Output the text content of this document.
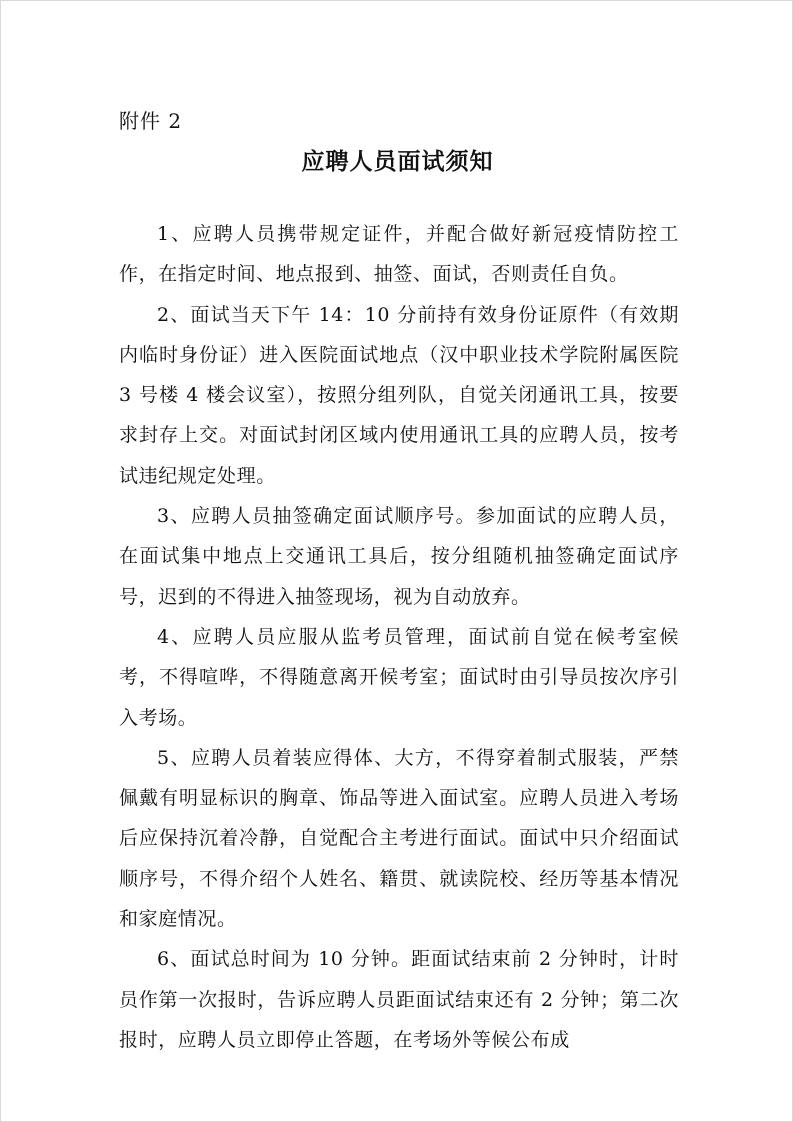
附件 2
应聘人员面试须知

1、应聘人员携带规定证件，并配合做好新冠疫情防控工作，在指定时间、地点报到、抽签、面试，否则责任自负。

2、面试当天下午 14：10 分前持有效身份证原件（有效期内临时身份证）进入医院面试地点（汉中职业技术学院附属医院 3 号楼 4 楼会议室），按照分组列队，自觉关闭通讯工具，按要求封存上交。对面试封闭区域内使用通讯工具的应聘人员，按考试违纪规定处理。

3、应聘人员抽签确定面试顺序号。参加面试的应聘人员，在面试集中地点上交通讯工具后，按分组随机抽签确定面试序号，迟到的不得进入抽签现场，视为自动放弃。

4、应聘人员应服从监考员管理，面试前自觉在候考室候考，不得喧哗，不得随意离开候考室；面试时由引导员按次序引入考场。

5、应聘人员着装应得体、大方，不得穿着制式服装，严禁佩戴有明显标识的胸章、饰品等进入面试室。应聘人员进入考场后应保持沉着冷静，自觉配合主考进行面试。面试中只介绍面试顺序号，不得介绍个人姓名、籍贯、就读院校、经历等基本情况和家庭情况。

6、面试总时间为 10 分钟。距面试结束前 2 分钟时，计时员作第一次报时，告诉应聘人员距面试结束还有 2 分钟；第二次报时，应聘人员立即停止答题，在考场外等候公布成
